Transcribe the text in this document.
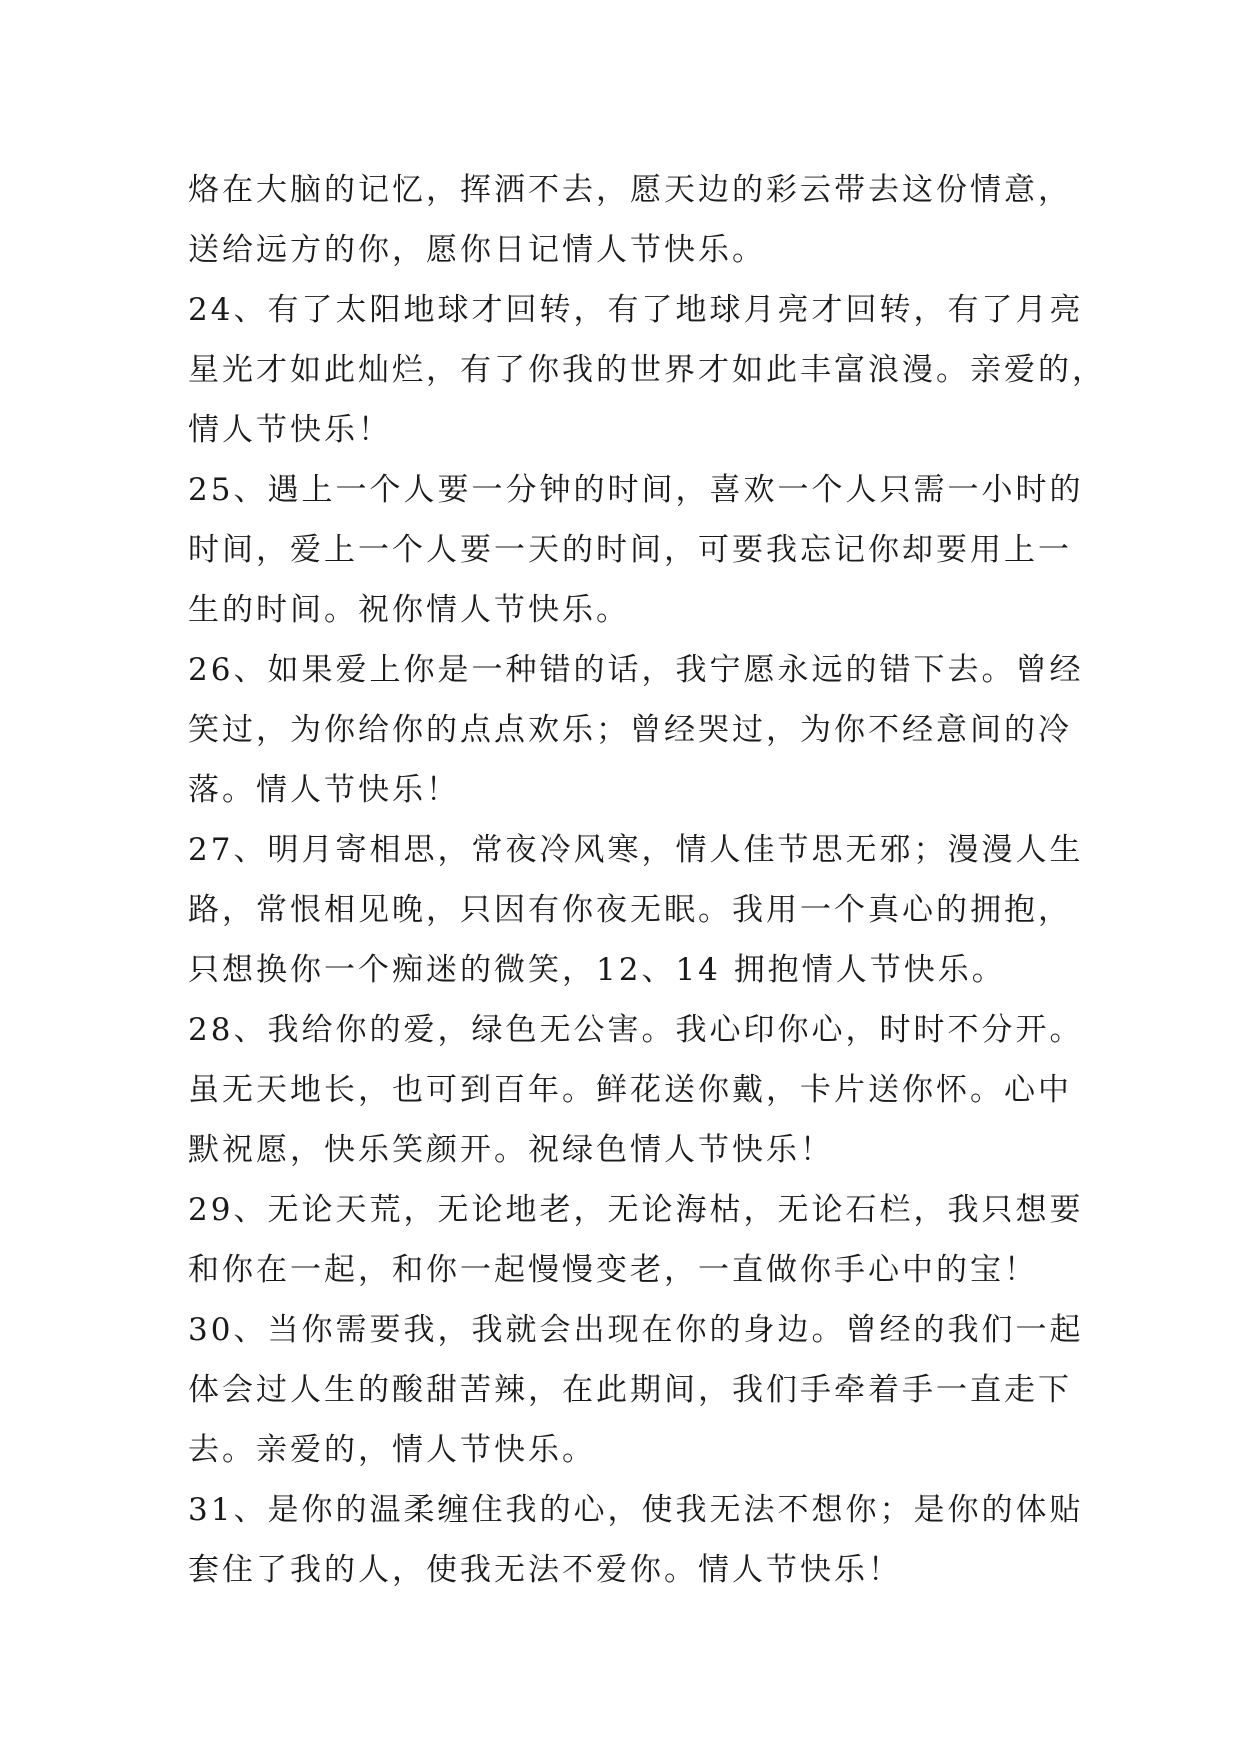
烙在大脑的记忆，挥洒不去，愿天边的彩云带去这份情意，
送给远方的你，愿你日记情人节快乐。
24、有了太阳地球才回转，有了地球月亮才回转，有了月亮
星光才如此灿烂，有了你我的世界才如此丰富浪漫。亲爱的，
情人节快乐！
25、遇上一个人要一分钟的时间，喜欢一个人只需一小时的
时间，爱上一个人要一天的时间，可要我忘记你却要用上一
生的时间。祝你情人节快乐。
26、如果爱上你是一种错的话，我宁愿永远的错下去。曾经
笑过，为你给你的点点欢乐；曾经哭过，为你不经意间的冷
落。情人节快乐！
27、明月寄相思，常夜冷风寒，情人佳节思无邪；漫漫人生
路，常恨相见晚，只因有你夜无眠。我用一个真心的拥抱，
只想换你一个痴迷的微笑，12、14 拥抱情人节快乐。
28、我给你的爱，绿色无公害。我心印你心，时时不分开。
虽无天地长，也可到百年。鲜花送你戴，卡片送你怀。心中
默祝愿，快乐笑颜开。祝绿色情人节快乐！
29、无论天荒，无论地老，无论海枯，无论石栏，我只想要
和你在一起，和你一起慢慢变老，一直做你手心中的宝！
30、当你需要我，我就会出现在你的身边。曾经的我们一起
体会过人生的酸甜苦辣，在此期间，我们手牵着手一直走下
去。亲爱的，情人节快乐。
31、是你的温柔缠住我的心，使我无法不想你；是你的体贴
套住了我的人，使我无法不爱你。情人节快乐！
